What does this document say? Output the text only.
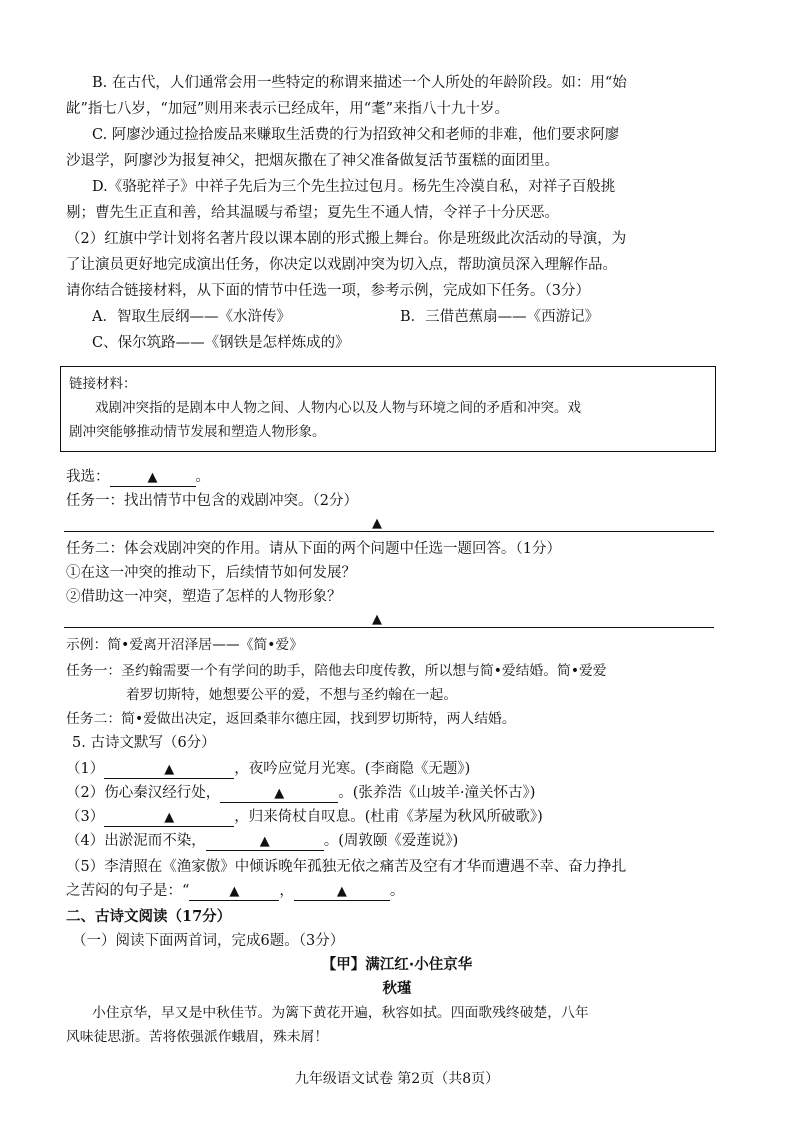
B. 在古代，人们通常会用一些特定的称谓来描述一个人所处的年龄阶段。如：用“始
龀”指七八岁，“加冠”则用来表示已经成年，用“耄”来指八十九十岁。
C. 阿廖沙通过捡拾废品来赚取生活费的行为招致神父和老师的非难，他们要求阿廖
沙退学，阿廖沙为报复神父，把烟灰撒在了神父准备做复活节蛋糕的面团里。
D.《骆驼祥子》中祥子先后为三个先生拉过包月。杨先生冷漠自私，对祥子百般挑
剔；曹先生正直和善，给其温暖与希望；夏先生不通人情，令祥子十分厌恶。
（2）红旗中学计划将名著片段以课本剧的形式搬上舞台。你是班级此次活动的导演，为
了让演员更好地完成演出任务，你决定以戏剧冲突为切入点，帮助演员深入理解作品。
请你结合链接材料，从下面的情节中任选一项，参考示例，完成如下任务。（3分）
A．智取生辰纲——《水浒传》	B．三借芭蕉扇——《西游记》
C、保尔筑路——《钢铁是怎样炼成的》
链接材料：
戏剧冲突指的是剧本中人物之间、人物内心以及人物与环境之间的矛盾和冲突。戏
剧冲突能够推动情节发展和塑造人物形象。
我选：	▲	。
任务一：找出情节中包含的戏剧冲突。（2分）
▲
任务二：体会戏剧冲突的作用。请从下面的两个问题中任选一题回答。（1分）
①在这一冲突的推动下，后续情节如何发展？
②借助这一冲突，塑造了怎样的人物形象？
▲
示例：简•爱离开沼泽居——《简•爱》
任务一：圣约翰需要一个有学问的助手，陪他去印度传教，所以想与简•爱结婚。简•爱爱
着罗切斯特，她想要公平的爱，不想与圣约翰在一起。
任务二：简•爱做出决定，返回桑菲尔德庄园，找到罗切斯特，两人结婚。
5. 古诗文默写（6分）
（1）	▲	，夜吟应觉月光寒。(李商隐《无题》)
（2）伤心秦汉经行处，	▲	。(张养浩《山坡羊·潼关怀古》)
（3）	▲	，归来倚杖自叹息。(杜甫《茅屋为秋风所破歌》)
（4）出淤泥而不染，	▲	。(周敦颐《爱莲说》)
（5）李清照在《渔家傲》中倾诉晚年孤独无依之痛苦及空有才华而遭遇不幸、奋力挣扎
之苦闷的句子是：“	▲	，	▲	。
二、古诗文阅读（17分）
（一）阅读下面两首词，完成6题。（3分）
【甲】满江红·小住京华
秋瑾
小住京华，早又是中秋佳节。为篱下黄花开遍，秋容如拭。四面歌残终破楚，八年
风味徒思浙。苦将侬强派作蛾眉，殊未屑！
九年级语文试卷 第2页（共8页）
